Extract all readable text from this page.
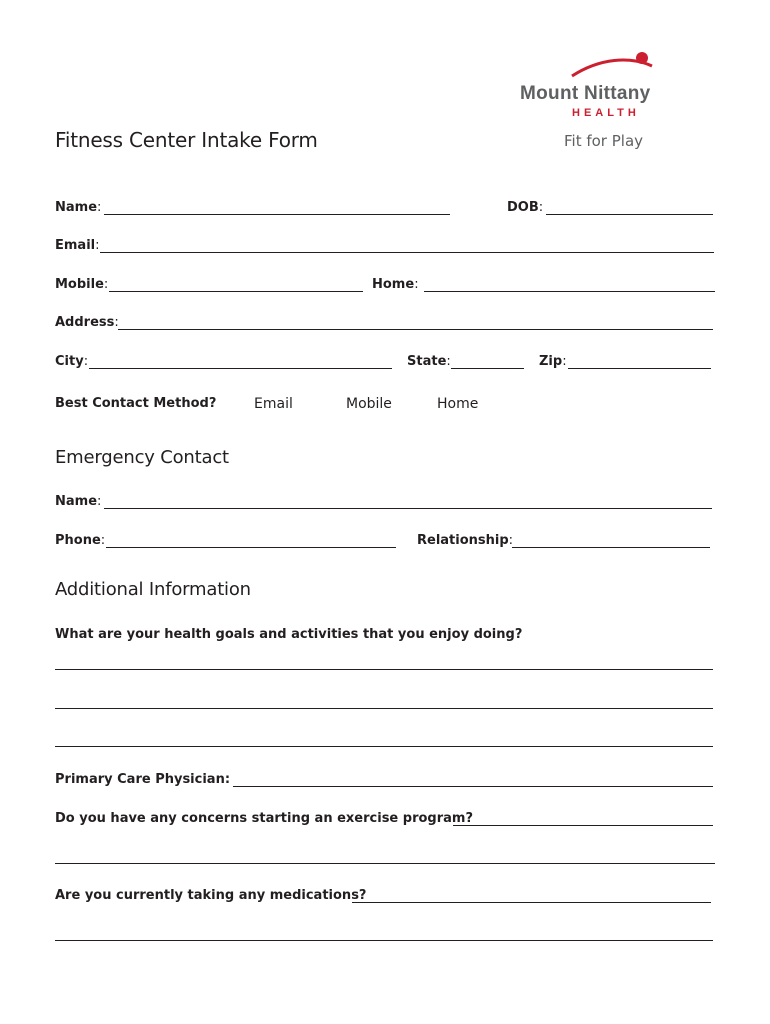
Mount Nittany
HEALTH
Fit for Play
Fitness Center Intake Form
Name:	DOB:
Email:
Mobile:	Home:
Address:
City:	State:	Zip:
Best Contact Method?	Email	Mobile	Home
Emergency Contact
Name:
Phone:	Relationship:
Additional Information
What are your health goals and activities that you enjoy doing?
Primary Care Physician:
Do you have any concerns starting an exercise program?
Are you currently taking any medications?
